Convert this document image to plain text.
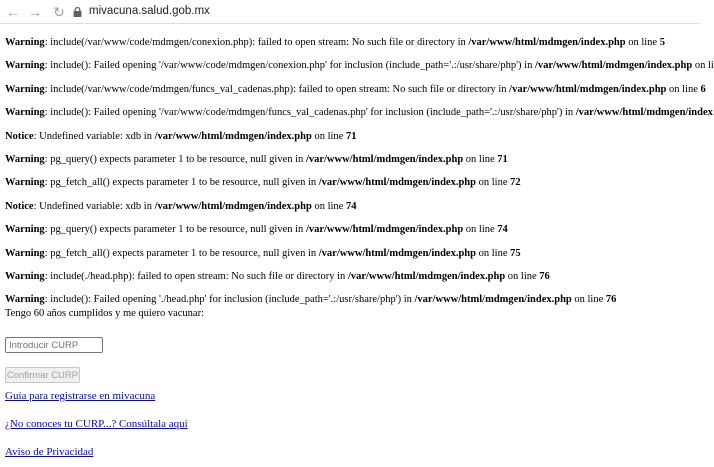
← → ↻ mivacuna.salud.gob.mx
Warning: include(/var/www/code/mdmgen/conexion.php): failed to open stream: No such file or directory in /var/www/html/mdmgen/index.php on line 5
Warning: include(): Failed opening '/var/www/code/mdmgen/conexion.php' for inclusion (include_path='.:/usr/share/php') in /var/www/html/mdmgen/index.php on li
Warning: include(/var/www/code/mdmgen/funcs_val_cadenas.php): failed to open stream: No such file or directory in /var/www/html/mdmgen/index.php on line 6
Warning: include(): Failed opening '/var/www/code/mdmgen/funcs_val_cadenas.php' for inclusion (include_path='.:/usr/share/php') in /var/www/html/mdmgen/index
Notice: Undefined variable: xdb in /var/www/html/mdmgen/index.php on line 71
Warning: pg_query() expects parameter 1 to be resource, null given in /var/www/html/mdmgen/index.php on line 71
Warning: pg_fetch_all() expects parameter 1 to be resource, null given in /var/www/html/mdmgen/index.php on line 72
Notice: Undefined variable: xdb in /var/www/html/mdmgen/index.php on line 74
Warning: pg_query() expects parameter 1 to be resource, null given in /var/www/html/mdmgen/index.php on line 74
Warning: pg_fetch_all() expects parameter 1 to be resource, null given in /var/www/html/mdmgen/index.php on line 75
Warning: include(./head.php): failed to open stream: No such file or directory in /var/www/html/mdmgen/index.php on line 76
Warning: include(): Failed opening './head.php' for inclusion (include_path='.:/usr/share/php') in /var/www/html/mdmgen/index.php on line 76
Tengo 60 años cumplidos y me quiero vacunar:
Introducir CURP
Confirmar CURP
Guía para registrarse en mivacuna
¿No conoces tu CURP...? Consúltala aquí
Aviso de Privacidad
